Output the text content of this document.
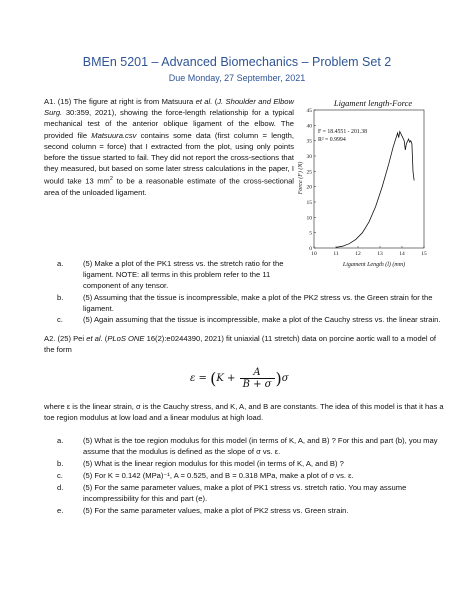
BMEn 5201 – Advanced Biomechanics – Problem Set 2
Due Monday, 27 September, 2021
A1. (15) The figure at right is from Matsuura et al. (J. Shoulder and Elbow Surg. 30:359, 2021), showing the force-length relationship for a typical mechanical test of the anterior oblique ligament of the elbow. The provided file Matsuura.csv contains some data (first column = length, second column = force) that I extracted from the plot, using only points before the tissue started to fail. They did not report the cross-sections that they measured, but based on some later stress calculations in the paper, I would take 13 $mm^2$ to be a reasonable estimate of the cross-sectional area of the unloaded ligament.
Ligament length-Force
F = 18.4551 - 201.38
R² = 0.9994
10	11	12	13	14	15
0
5
10
15
20
25
30
35
40
45
Ligament Length (l) (mm)
Force (F) (N)
a.	(5) Make a plot of the PK1 stress vs. the stretch ratio for the ligament. NOTE: all terms in this problem refer to the 11 component of any tensor.
b.	(5) Assuming that the tissue is incompressible, make a plot of the PK2 stress vs. the Green strain for the ligament.
c.	(5) Again assuming that the tissue is incompressible, make a plot of the Cauchy stress vs. the linear strain.
A2. (25) Pei et al. (PLoS ONE 16(2):e0244390, 2021) fit uniaxial (11 stretch) data on porcine aortic wall to a model of the form
$\varepsilon = (K + \frac{A}{B + \sigma} )\sigma$
where ε is the linear strain, σ is the Cauchy stress, and K, A, and B are constants. The idea of this model is that it has a toe region modulus at low load and a linear modulus at high load.
a.	(5) What is the toe region modulus for this model (in terms of K, A, and B) ? For this and part (b), you may assume that the modulus is defined as the slope of σ vs. ε.
b.	(5) What is the linear region modulus for this model (in terms of K, A, and B) ?
c.	(5) For K = 0.142 (MPa)⁻¹, A = 0.525, and B = 0.318 MPa, make a plot of σ vs. ε.
d.	(5) For the same parameter values, make a plot of PK1 stress vs. stretch ratio. You may assume incompressibility for this and part (e).
e.	(5) For the same parameter values, make a plot of PK2 stress vs. Green strain.
